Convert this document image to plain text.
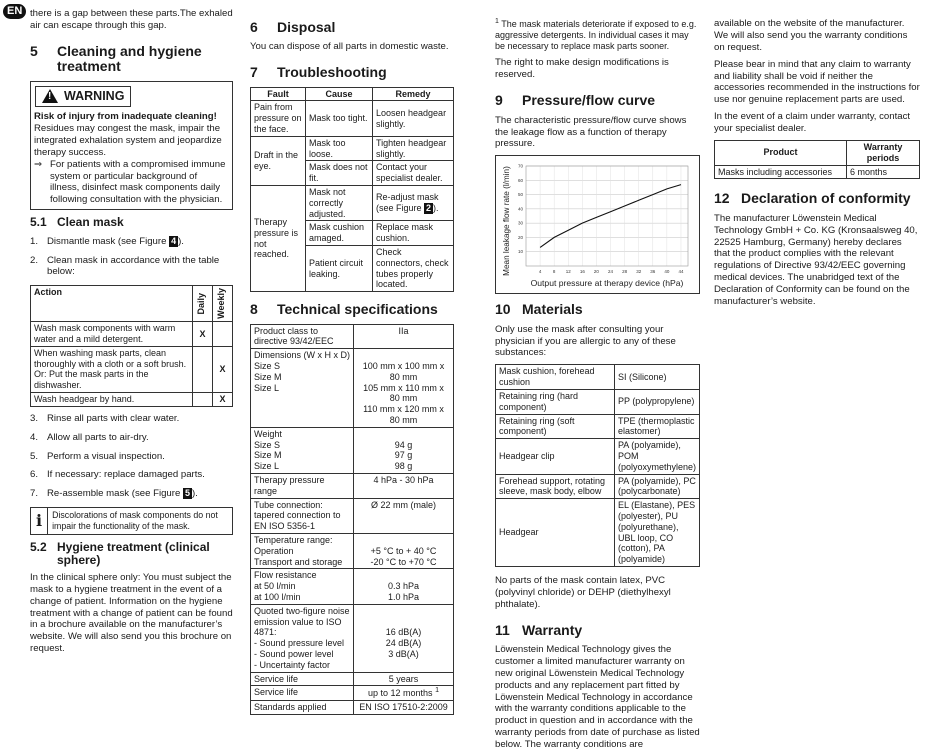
EN there is a gap between these parts.The exhaled air can escape through this gap.

5	Cleaning and hygiene treatment
! WARNING
Risk of injury from inadequate cleaning!
Residues may congest the mask, impair the integrated exhalation system and jeopardize therapy success.
⇒ For patients with a compromised immune system or particular background of illness, disinfect mask components daily following consultation with the physician.
5.1 Clean mask
1. Dismantle mask (see Figure 4 ).
2. Clean mask in accordance with the table below:
Action	Daily	Weekly

Wash mask components with warm water and a mild detergent.	X	
When washing mask parts, clean thoroughly with a cloth or a soft brush. Or: Put the mask parts in the dishwasher.		X
Wash headgear by hand.		X
3. Rinse all parts with clear water.
4. Allow all parts to air-dry.
5. Perform a visual inspection.
6. If necessary: replace damaged parts.
7. Re-assemble mask (see Figure 5 ).
i	Discolorations of mask components do not impair the functionality of the mask.
5.2 Hygiene treatment (clinical sphere)

In the clinical sphere only: You must subject the mask to a hygiene treatment in the event of a change of patient. Information on the hygiene treatment with a change of patient can be found in a brochure available on the manufacturer’s website. We will also send you this brochure on request.

6	Disposal

You can dispose of all parts in domestic waste.

7	Troubleshooting
Fault	Cause	Remedy
Pain from pressure on the face.	Mask too tight.	Loosen headgear slightly.
Draft in the eye.	Mask too loose.	Tighten headgear slightly.
	Mask does not fit.	Contact your specialist dealer.
Therapy pressure is not reached.	Mask not correctly adjusted.	Re-adjust mask (see Figure 2 ).
	Mask cushion amaged.	Replace mask cushion.
	Patient circuit leaking.	Check connectors, check tubes properly located.
8	Technical specifications
Product class to directive 93/42/EEC	IIa
Dimensions (W x H x D)
Size S
Size M
Size L	100 mm x 100 mm x 80 mm
105 mm x 110 mm x 80 mm
110 mm x 120 mm x 80 mm
Weight
Size S
Size M
Size L	94 g
97 g
98 g
Therapy pressure range	4 hPa - 30 hPa
Tube connection: tapered connection to EN ISO 5356-1	Ø 22 mm (male)
Temperature range:
Operation
Transport and storage	+5 °C to + 40 °C
-20 °C to +70 °C
Flow resistance
at 50 l/min
at 100 l/min	0.3 hPa
1.0 hPa
Quoted two-figure noise emission value to ISO 4871:
- Sound pressure level
- Sound power level
- Uncertainty factor	16 dB(A)
24 dB(A)
3 dB(A)
Service life	5 years
Service life	up to 12 months $^1$
Standards applied	EN ISO 17510-2:2009

$^1$ The mask materials deteriorate if exposed to e.g. aggressive detergents. In individual cases it may be necessary to replace mask parts sooner.

The right to make design modifications is reserved.

9	Pressure/flow curve

The characteristic pressure/flow curve shows the leakage flow as a function of therapy pressure.

4	8 12 16 20 24 28 32 36 40 44
10
20
30
40
50
60
70
Output pressure at therapy device (hPa)
Mean leakage flow rate (l/min)
10 Materials

Only use the mask after consulting your physician if you are allergic to any of these substances:

Mask cushion, forehead cushion	SI (Silicone)
Retaining ring (hard component)	PP (polypropylene)
Retaining ring (soft component)	TPE (thermoplastic elastomer)
Headgear clip	PA (polyamide), POM (polyoxymethylene)
Forehead support, rotating sleeve, mask body, elbow	PA (polyamide), PC (polycarbonate)
Headgear	EL (Elastane), PES (polyester), PU (polyurethane), UBL loop, CO (cotton), PA (polyamide)

No parts of the mask contain latex, PVC (polyvinyl chloride) or DEHP (diethylhexyl phthalate).

11 Warranty

Löwenstein Medical Technology gives the customer a limited manufacturer warranty on new original Löwenstein Medical Technology products and any replacement part fitted by Löwenstein Medical Technology in accordance with the warranty conditions applicable to the product in question and in accordance with the warranty periods from date of purchase as listed below. The warranty conditions are

available on the website of the manufacturer. We will also send you the warranty conditions on request.

Please bear in mind that any claim to warranty and liability shall be void if neither the accessories recommended in the instructions for use nor genuine replacement parts are used.

In the event of a claim under warranty, contact your specialist dealer.

Product	Warranty periods
Masks including accessories	6 months
12 Declaration of conformity

The manufacturer Löwenstein Medical Technology GmbH + Co. KG (Kronsaalsweg 40, 22525 Hamburg, Germany) hereby declares that the product complies with the relevant regulations of Directive 93/42/EEC governing medical devices. The unabridged text of the Declaration of Conformity can be found on the manufacturer’s website.
